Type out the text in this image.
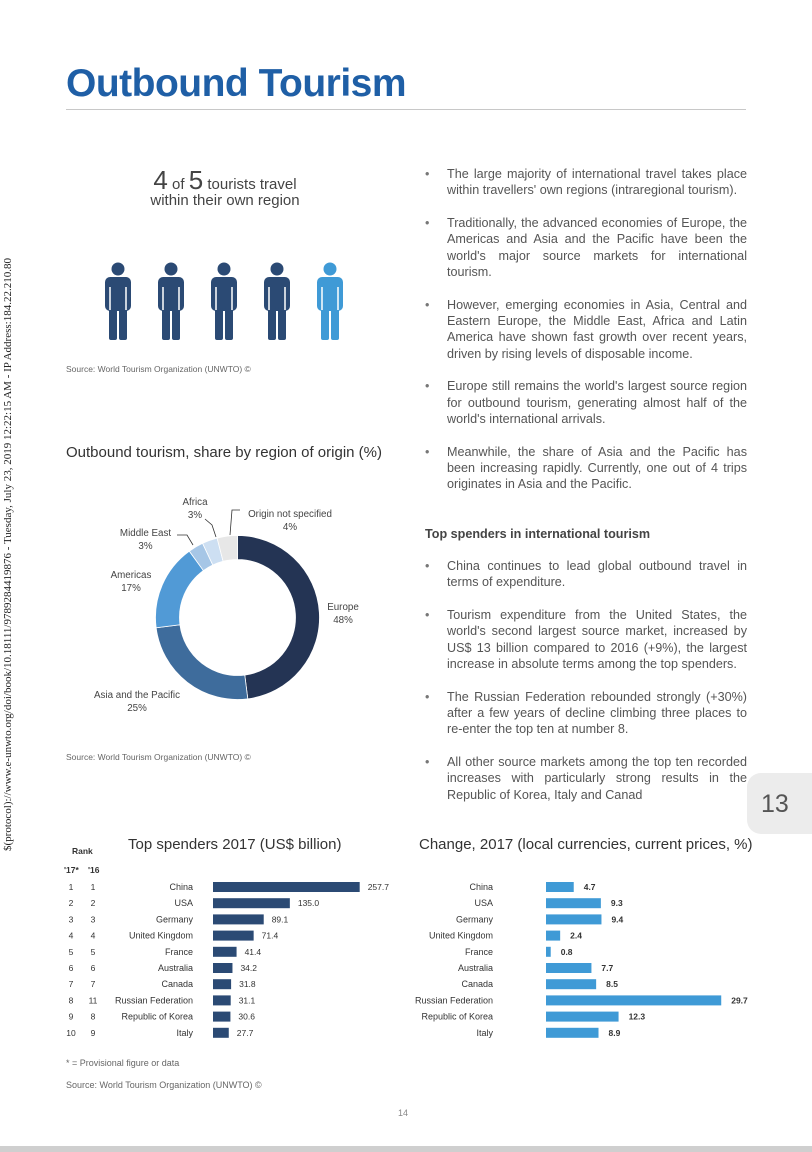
Outbound Tourism
$(protocol)://www.e-unwto.org/doi/book/10.18111/9789284419876 - Tuesday, July 23, 2019 12:22:15 AM - IP Address:184.22.210.80
4 of 5 tourists travel
within their own region
Source: World Tourism Organization (UNWTO) ©
Outbound tourism, share by region of origin (%)
Africa
3%	Origin not specified
4%
Middle East
3%
Americas
17%
Europe
48%
Asia and the Pacific
25%
Source: World Tourism Organization (UNWTO) ©
• The large majority of international travel takes place within travellers' own regions (intraregional tourism).
• Traditionally, the advanced economies of Europe, the Americas and Asia and the Pacific have been the world's major source markets for international tourism.
• However, emerging economies in Asia, Central and Eastern Europe, the Middle East, Africa and Latin America have shown fast growth over recent years, driven by rising levels of disposable income.
• Europe still remains the world's largest source region for outbound tourism, generating almost half of the world's international arrivals.
• Meanwhile, the share of Asia and the Pacific has been increasing rapidly. Currently, one out of 4 trips originates in Asia and the Pacific.
Top spenders in international tourism
• China continues to lead global outbound travel in terms of expenditure.
• Tourism expenditure from the United States, the world's second largest source market, increased by US$ 13 billion compared to 2016 (+9%), the largest increase in absolute terms among the top spenders.
• The Russian Federation rebounded strongly (+30%) after a few years of decline climbing three places to re-enter the top ten at number 8.
• All other source markets among the top ten recorded increases with particularly strong results in the Republic of Korea, Italy and Canad	13
Top spenders 2017 (US$ billion)	Change, 2017 (local currencies, current prices, %)
Rank
'17* '16
1 1	China	257.7
2 2	USA	135.0
3 3	Germany	89.1
4 4	United Kingdom	71.4
5 5	France	41.4
6 6	Australia	34.2
7 7	Canada	31.8
8 11 Russian Federation	31.1
9 8	Republic of Korea	30.6
10 9	Italy	27.7
China	4.7
USA	9.3
Germany	9.4
United Kingdom	2.4
France	0.8
Australia	7.7
Canada	8.5
Russian Federation	29.7
Republic of Korea	12.3
Italy	8.9
* = Provisional figure or data
Source: World Tourism Organization (UNWTO) ©
14
